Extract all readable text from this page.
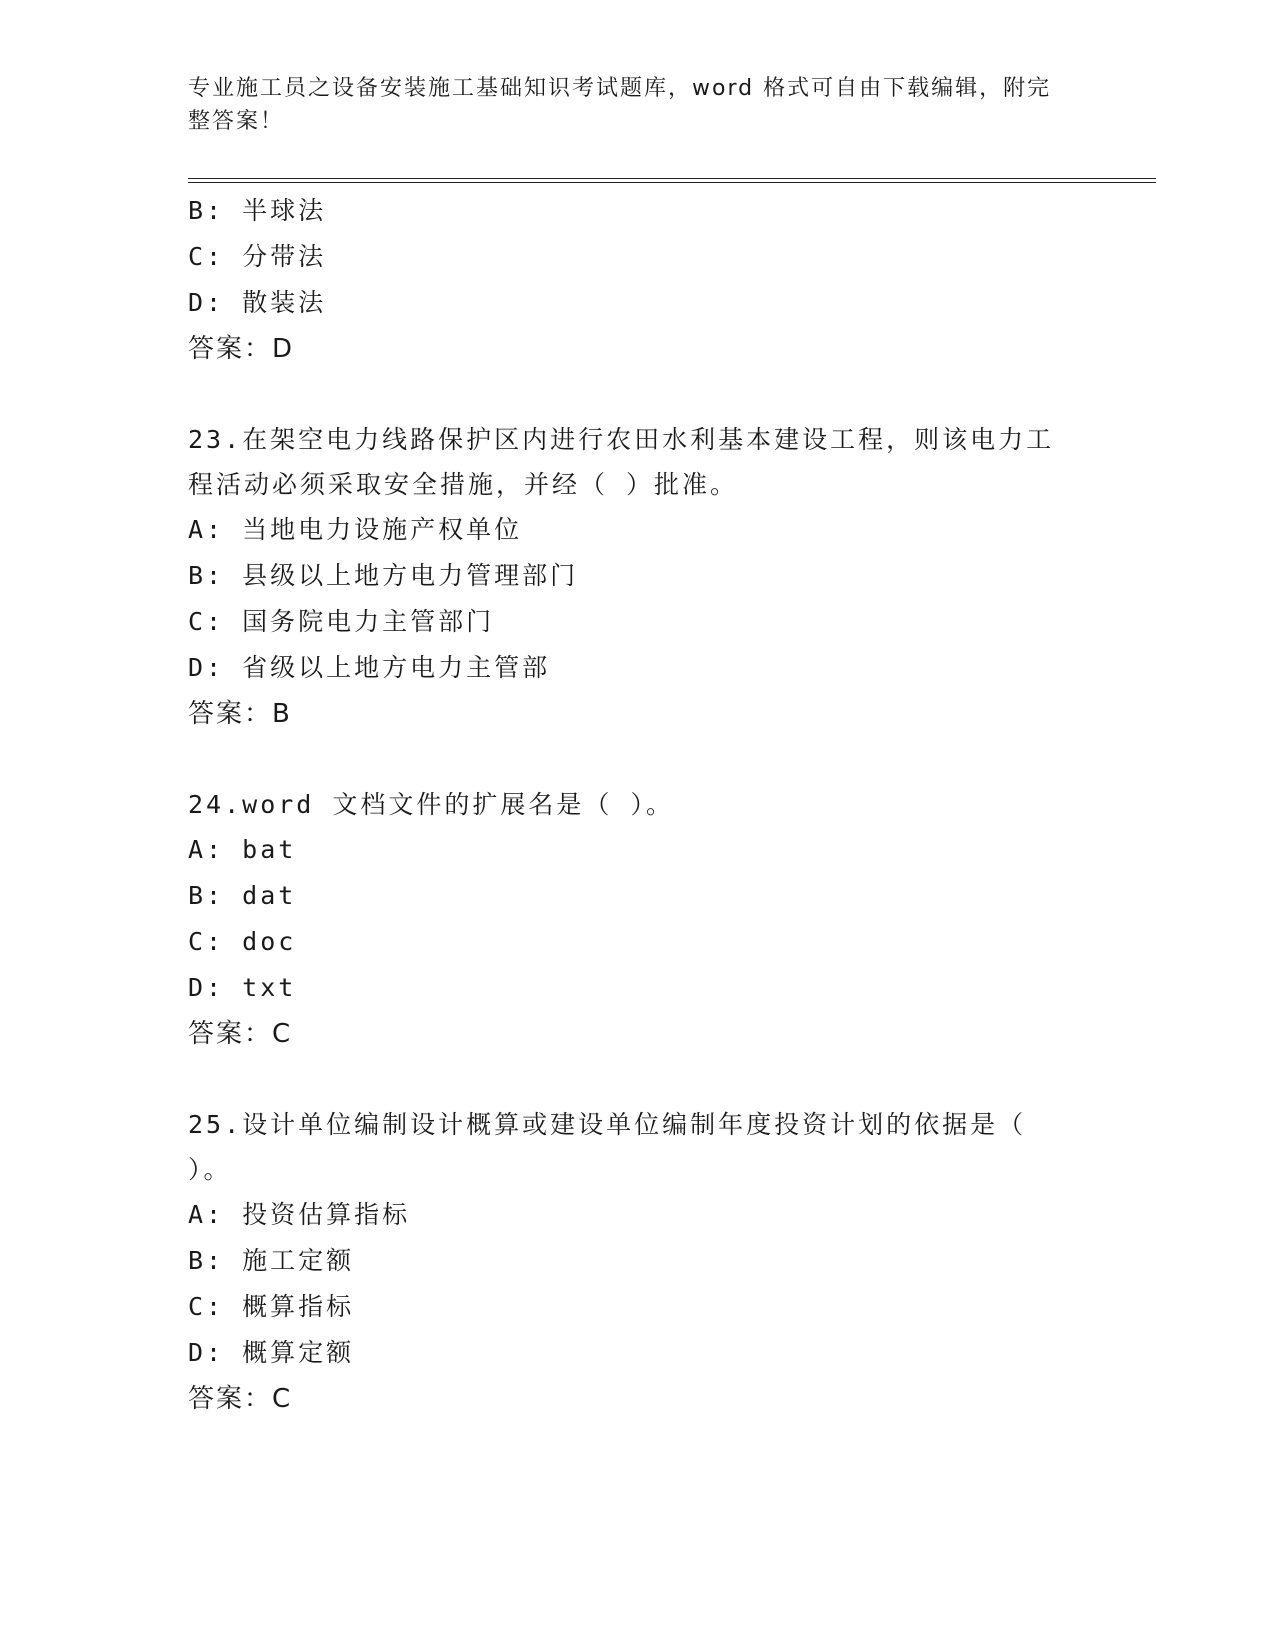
专业施工员之设备安装施工基础知识考试题库，word 格式可自由下载编辑，附完
整答案！
B: 半球法
C: 分带法
D: 散装法
答案：D
23.在架空电力线路保护区内进行农田水利基本建设工程，则该电力工
程活动必须采取安全措施，并经（ ）批准。
A: 当地电力设施产权单位
B: 县级以上地方电力管理部门
C: 国务院电力主管部门
D: 省级以上地方电力主管部
答案：B
24.word 文档文件的扩展名是（ ）。
A: bat
B: dat
C: doc
D: txt
答案：C
25.设计单位编制设计概算或建设单位编制年度投资计划的依据是（
）。
A: 投资估算指标
B: 施工定额
C: 概算指标
D: 概算定额
答案：C
